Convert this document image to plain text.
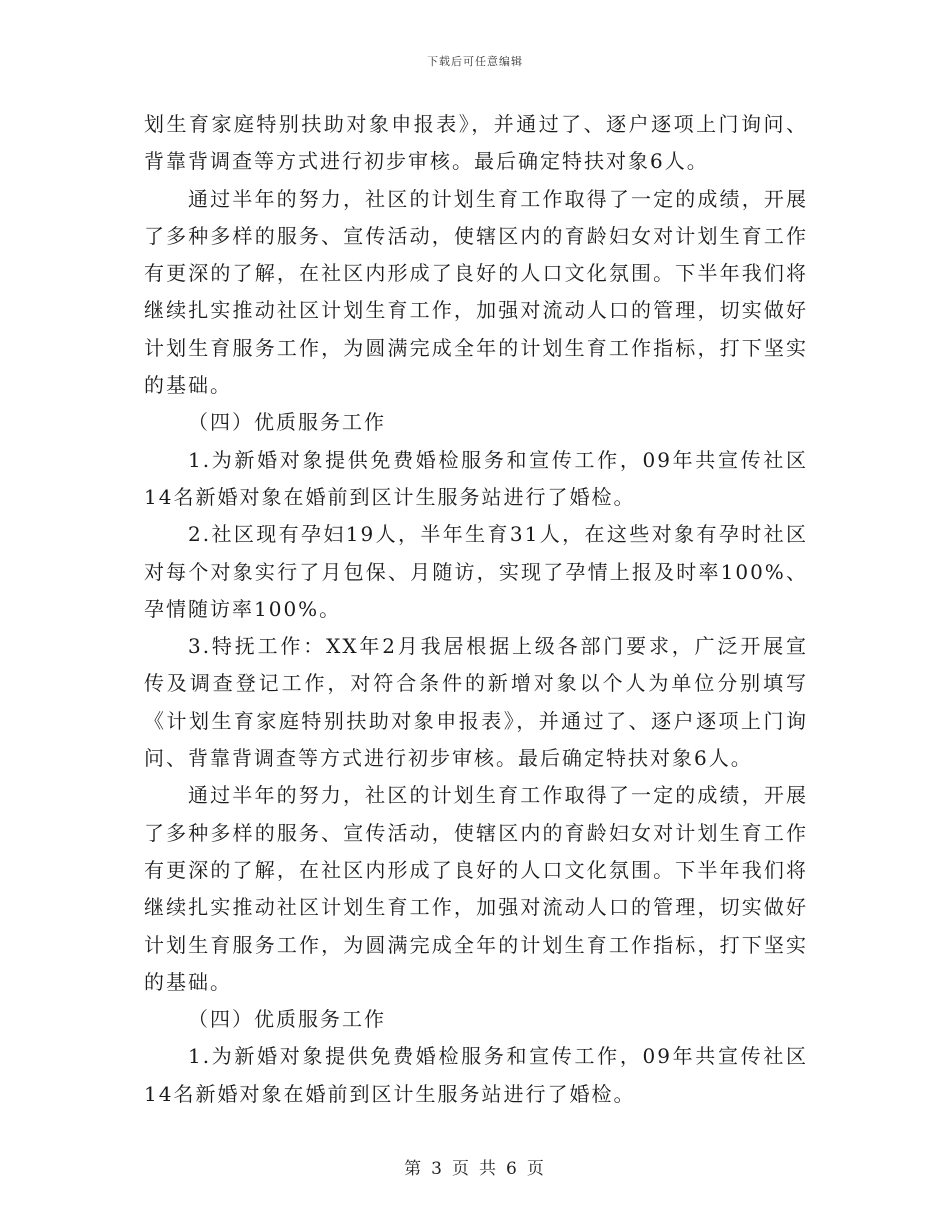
下载后可任意编辑

划生育家庭特别扶助对象申报表》，并通过了、逐户逐项上门询问、背靠背调查等方式进行初步审核。最后确定特扶对象6人。

通过半年的努力，社区的计划生育工作取得了一定的成绩，开展了多种多样的服务、宣传活动，使辖区内的育龄妇女对计划生育工作有更深的了解，在社区内形成了良好的人口文化氛围。下半年我们将继续扎实推动社区计划生育工作，加强对流动人口的管理，切实做好计划生育服务工作，为圆满完成全年的计划生育工作指标，打下坚实的基础。

（四）优质服务工作

1.为新婚对象提供免费婚检服务和宣传工作，09年共宣传社区14名新婚对象在婚前到区计生服务站进行了婚检。

2.社区现有孕妇19人，半年生育31人，在这些对象有孕时社区对每个对象实行了月包保、月随访，实现了孕情上报及时率100%、孕情随访率100%。

3.特抚工作：XX年2月我居根据上级各部门要求，广泛开展宣传及调查登记工作，对符合条件的新增对象以个人为单位分别填写《计划生育家庭特别扶助对象申报表》，并通过了、逐户逐项上门询问、背靠背调查等方式进行初步审核。最后确定特扶对象6人。

通过半年的努力，社区的计划生育工作取得了一定的成绩，开展了多种多样的服务、宣传活动，使辖区内的育龄妇女对计划生育工作有更深的了解，在社区内形成了良好的人口文化氛围。下半年我们将继续扎实推动社区计划生育工作，加强对流动人口的管理，切实做好计划生育服务工作，为圆满完成全年的计划生育工作指标，打下坚实的基础。

（四）优质服务工作

1.为新婚对象提供免费婚检服务和宣传工作，09年共宣传社区14名新婚对象在婚前到区计生服务站进行了婚检。

第 3 页 共 6 页
